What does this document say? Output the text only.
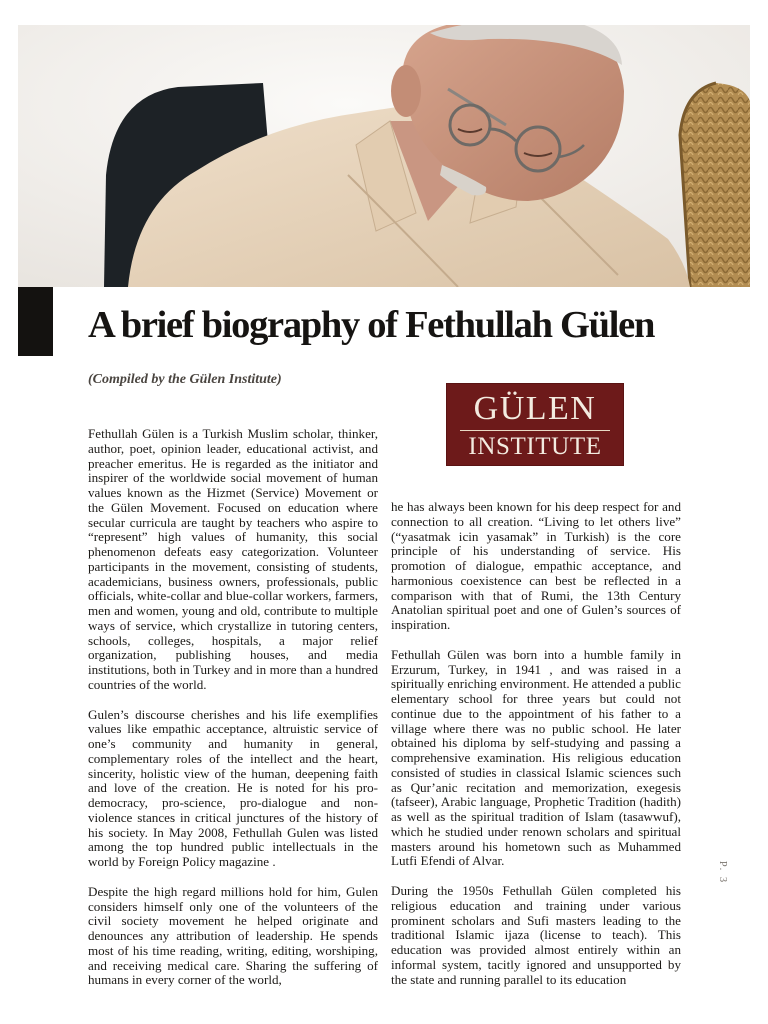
A brief biography of Fethullah Gülen
(Compiled by the Gülen Institute)
GÜLEN
INSTITUTE

Fethullah Gülen is a Turkish Muslim scholar, thinker, author, poet, opinion leader, educational activist, and preacher emeritus. He is regarded as the initiator and inspirer of the worldwide social movement of human values known as the Hizmet (Service) Movement or the Gülen Movement. Focused on education where secular curricula are taught by teachers who aspire to “represent” high values of humanity, this social phenomenon defeats easy categorization. Volunteer participants in the movement, consisting of students, academicians, business owners, professionals, public officials, white-collar and blue-collar workers, farmers, men and women, young and old, contribute to multiple ways of service, which crystallize in tutoring centers, schools, colleges, hospitals, a major relief organization, publishing houses, and media institutions, both in Turkey and in more than a hundred countries of the world.

Gulen’s discourse cherishes and his life exemplifies values like empathic acceptance, altruistic service of one’s community and humanity in general, complementary roles of the intellect and the heart, sincerity, holistic view of the human, deepening faith and love of the creation. He is noted for his pro-democracy, pro-science, pro-dialogue and non-violence stances in critical junctures of the history of his society. In May 2008, Fethullah Gulen was listed among the top hundred public intellectuals in the world by Foreign Policy magazine .

Despite the high regard millions hold for him, Gulen considers himself only one of the volunteers of the civil society movement he helped originate and denounces any attribution of leadership. He spends most of his time reading, writing, editing, worshiping, and receiving medical care. Sharing the suffering of humans in every corner of the world,

he has always been known for his deep respect for and connection to all creation. “Living to let others live” (“yasatmak icin yasamak” in Turkish) is the core principle of his understanding of service. His promotion of dialogue, empathic acceptance, and harmonious coexistence can best be reflected in a comparison with that of Rumi, the 13th Century Anatolian spiritual poet and one of Gulen’s sources of inspiration.

Fethullah Gülen was born into a humble family in Erzurum, Turkey, in 1941 , and was raised in a spiritually enriching environment. He attended a public elementary school for three years but could not continue due to the appointment of his father to a village where there was no public school. He later obtained his diploma by self-studying and passing a comprehensive examination. His religious education consisted of studies in classical Islamic sciences such as Qur’anic recitation and memorization, exegesis (tafseer), Arabic language, Prophetic Tradition (hadith) as well as the spiritual tradition of Islam (tasawwuf), which he studied under renown scholars and spiritual masters around his hometown such as Muhammed Lutfi Efendi of Alvar.

During the 1950s Fethullah Gülen completed his religious education and training under various prominent scholars and Sufi masters leading to the traditional Islamic ijaza (license to teach). This education was provided almost entirely within an informal system, tacitly ignored and unsupported by the state and running parallel to its education

P. 3
